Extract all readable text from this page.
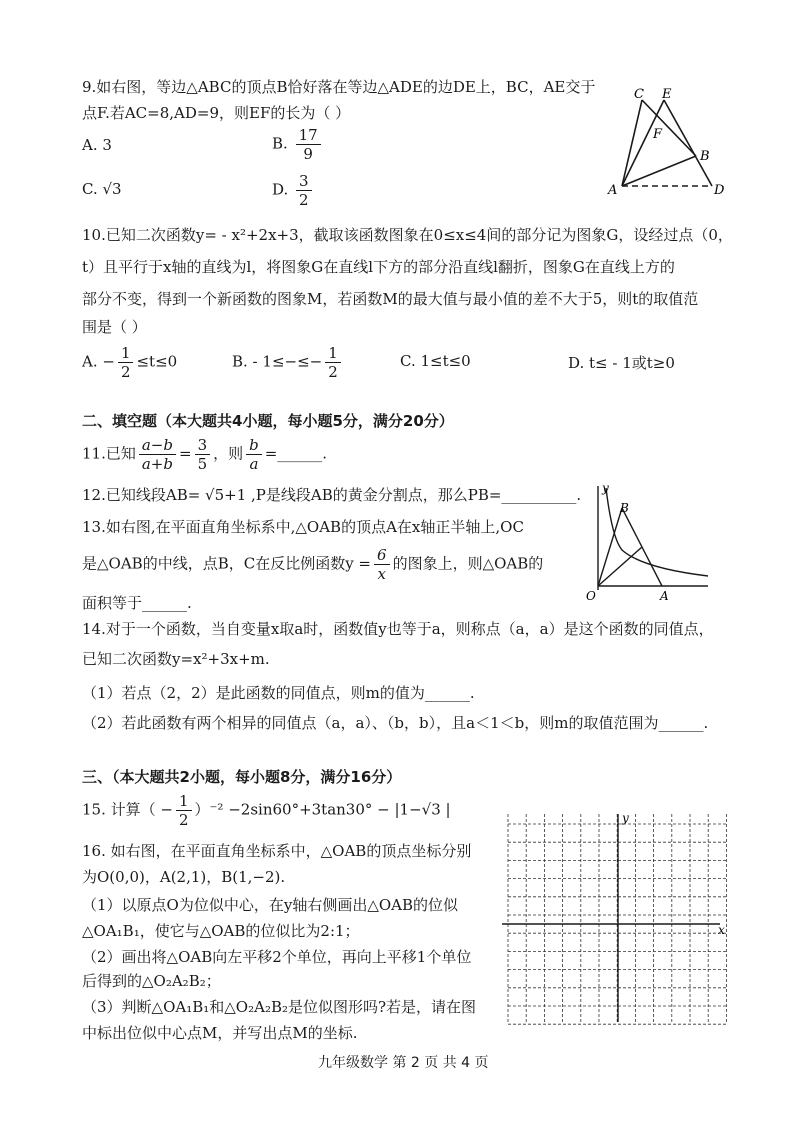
9.如右图，等边△ABC的顶点B恰好落在等边△ADE的边DE上，BC，AE交于
点F.若AC=8,AD=9，则EF的长为（ ）
A. 3	B. $\frac{17}{9}$
C. √3	D. $\frac{3}{2}$
C E
F
B
A	D
10.已知二次函数y= - x²+2x+3，截取该函数图象在0≤x≤4间的部分记为图象G，设经过点（0，
t）且平行于x轴的直线为l，将图象G在直线l下方的部分沿直线l翻折，图象G在直线上方的
部分不变，得到一个新函数的图象M，若函数M的最大值与最小值的差不大于5，则t的取值范
围是（ ）
A. − $\frac{1}{2} \le t\le 0$	B. - $1\le-\le- \frac{1}{2}$	C. 1≤t≤0	D. t≤ - 1或t≥0
二、填空题（本大题共4小题，每小题5分，满分20分）
11.已知 $\frac{a-b}{a+b} = \frac{3}{5}$ ，则 $\frac{b}{a}$ =______.
12.已知线段AB= √5+1 ,P是线段AB的黄金分割点，那么PB=__________.
13.如右图,在平面直角坐标系中,△OAB的顶点A在x轴正半轴上,OC
是△OAB的中线，点B，C在反比例函数$y = \frac{6}{x}$ 的图象上，则△OAB的
面积等于______.
y
B
O	A
14.对于一个函数，当自变量x取a时，函数值y也等于a，则称点（a，a）是这个函数的同值点，
已知二次函数y=x²+3x+m.
（1）若点（2，2）是此函数的同值点，则m的值为______.
（2）若此函数有两个相异的同值点（a，a）、（b，b），且a＜1＜b，则m的取值范围为______.
三、（本大题共2小题，每小题8分，满分16分）
15. 计算（ − $\frac{1}{2} )^{-2} -2\sin 60^\circ+3\tan 30^\circ - |1-√3$ |
16. 如右图，在平面直角坐标系中，△OAB的顶点坐标分别
为O(0,0)，A(2,1)，B(1,−2).
（1）以原点O为位似中心，在y轴右侧画出△OAB的位似
△OA₁B₁，使它与△OAB的位似比为2:1；
（2）画出将△OAB向左平移2个单位，再向上平移1个单位
后得到的△O₂A₂B₂；
（3）判断△OA₁B₁和△O₂A₂B₂是位似图形吗?若是，请在图
中标出位似中心点M，并写出点M的坐标.
y
x
九年级数学 第 2 页 共 4 页
